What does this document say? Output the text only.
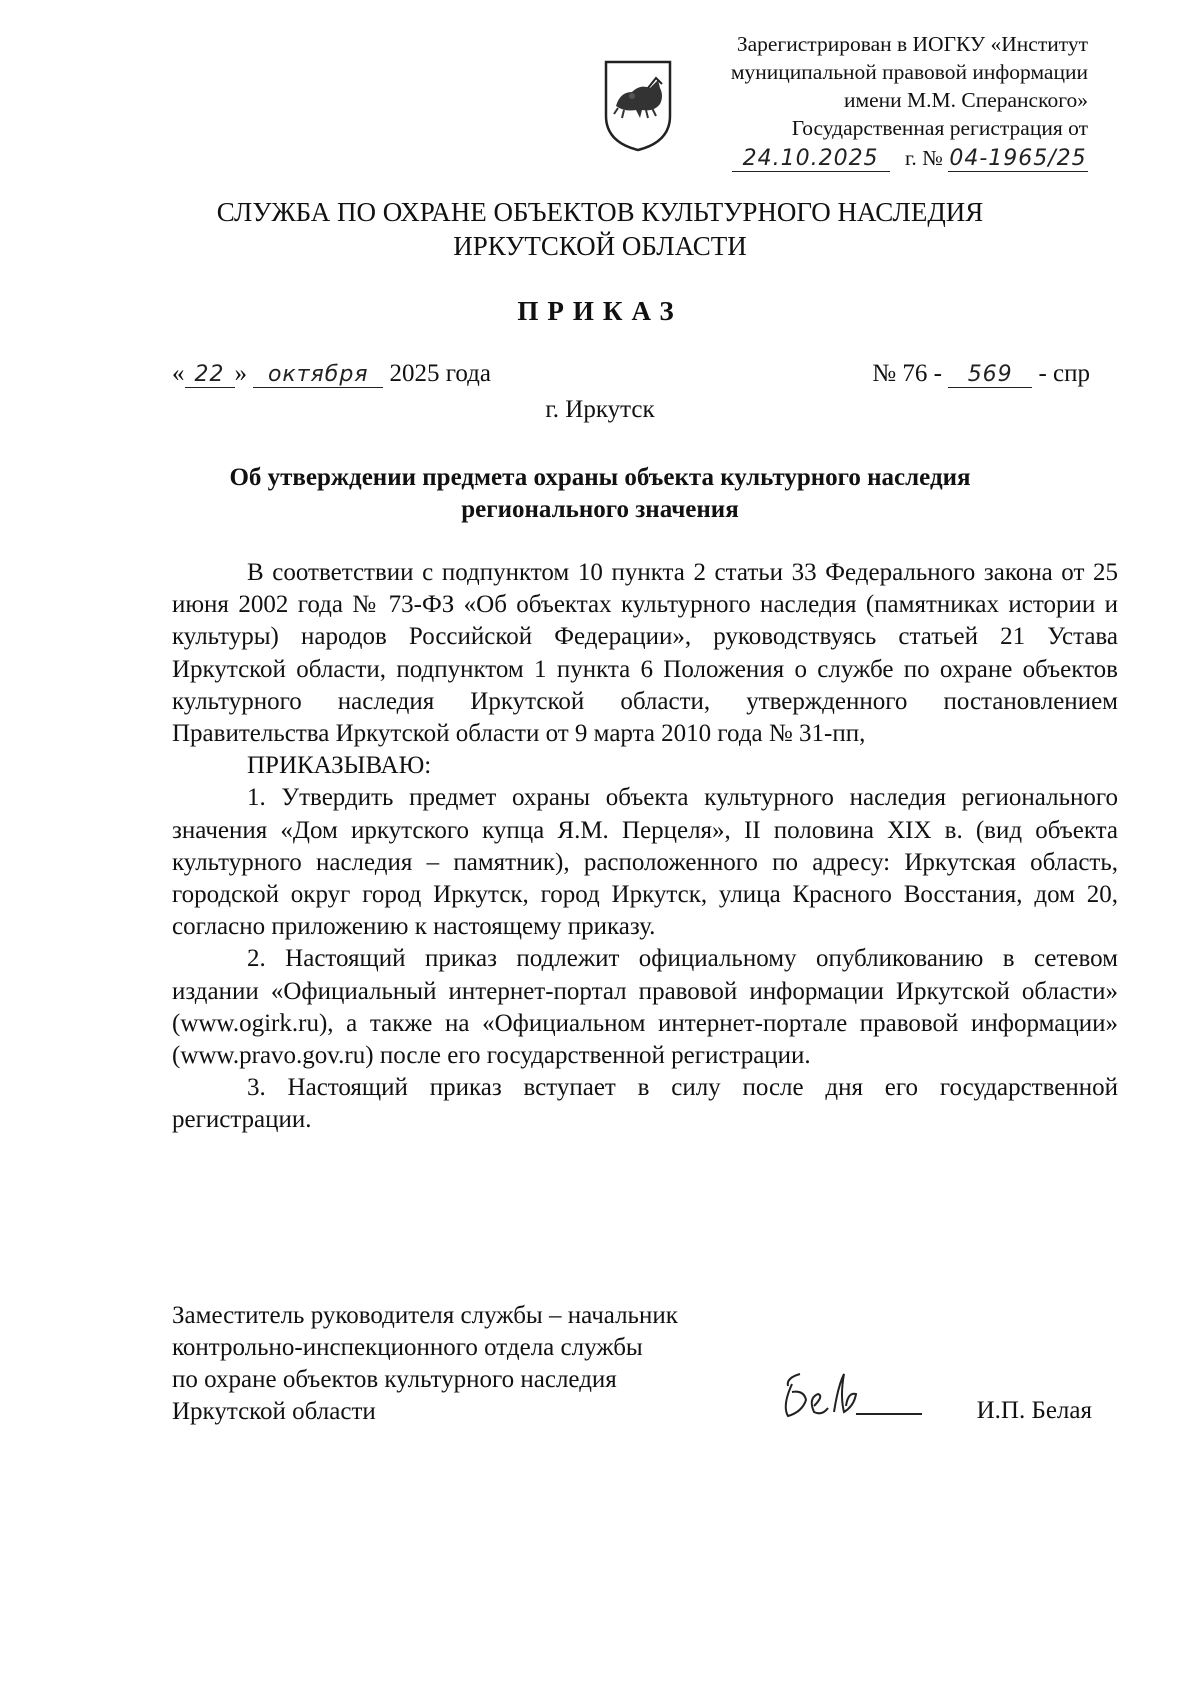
Зарегистрирован в ИОГКУ «Институт
муниципальной правовой информации
имени М.М. Сперанского»
Государственная регистрация от
24.10.2025 г. № 04-1965/25
СЛУЖБА ПО ОХРАНЕ ОБЪЕКТОВ КУЛЬТУРНОГО НАСЛЕДИЯ
ИРКУТСКОЙ ОБЛАСТИ
ПРИКАЗ
« 22 » октября 2025 года	№ 76 - 569 - спр
г. Иркутск
Об утверждении предмета охраны объекта культурного наследия
регионального значения

В соответствии с подпунктом 10 пункта 2 статьи 33 Федерального закона от 25 июня 2002 года № 73-ФЗ «Об объектах культурного наследия (памятниках истории и культуры) народов Российской Федерации», руководствуясь статьей 21 Устава Иркутской области, подпунктом 1 пункта 6 Положения о службе по охране объектов культурного наследия Иркутской области, утвержденного постановлением Правительства Иркутской области от 9 марта 2010 года № 31-пп,

ПРИКАЗЫВАЮ:

1. Утвердить предмет охраны объекта культурного наследия регионального значения «Дом иркутского купца Я.М. Перцеля», II половина XIX в. (вид объекта культурного наследия – памятник), расположенного по адресу: Иркутская область, городской округ город Иркутск, город Иркутск, улица Красного Восстания, дом 20, согласно приложению к настоящему приказу.

2. Настоящий приказ подлежит официальному опубликованию в сетевом издании «Официальный интернет-портал правовой информации Иркутской области» (www.ogirk.ru), а также на «Официальном интернет-портале правовой информации» (www.pravo.gov.ru) после его государственной регистрации.

3. Настоящий приказ вступает в силу после дня его государственной регистрации.

Заместитель руководителя службы – начальник
контрольно-инспекционного отдела службы
по охране объектов культурного наследия
Иркутской области	И.П. Белая
